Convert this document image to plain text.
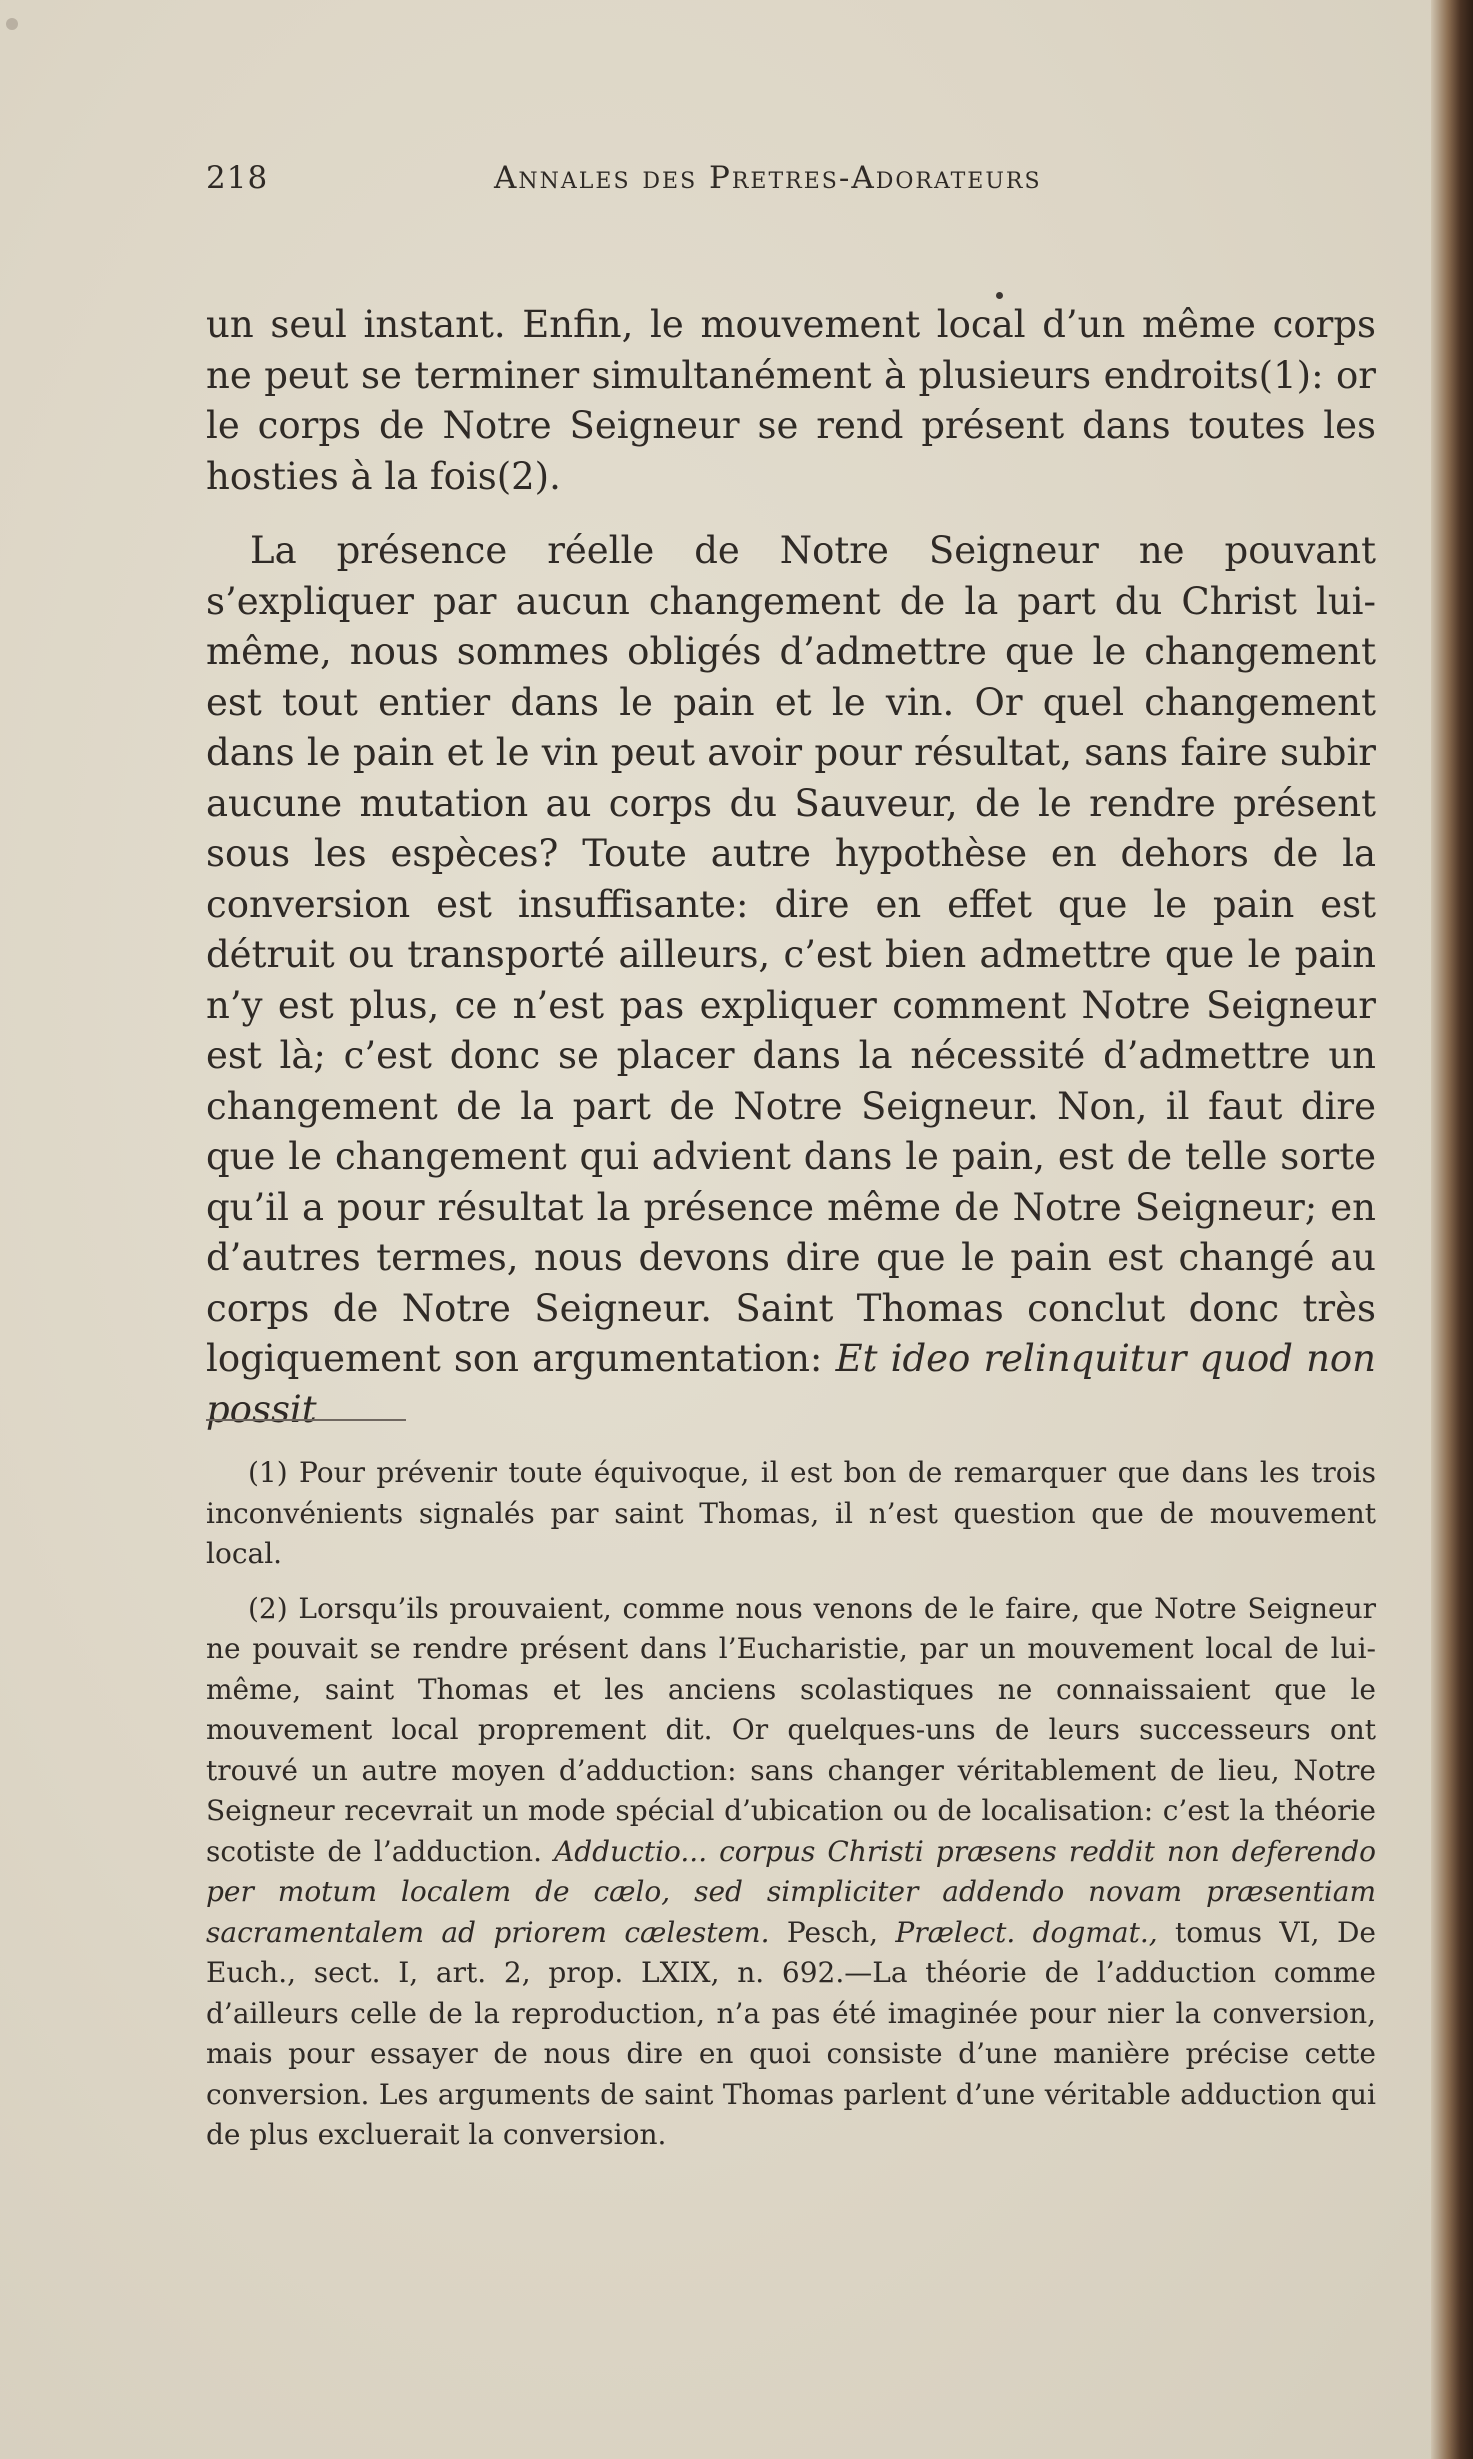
218	Annales des Pretres-Adorateurs

un seul instant. Enfin, le mouvement local d’un même corps ne peut se terminer simultanément à plusieurs endroits(1): or le corps de Notre Seigneur se rend présent dans toutes les hosties à la fois(2).

La présence réelle de Notre Seigneur ne pouvant s’expliquer par aucun changement de la part du Christ lui-même, nous sommes obligés d’admettre que le changement est tout entier dans le pain et le vin. Or quel changement dans le pain et le vin peut avoir pour résultat, sans faire subir aucune mutation au corps du Sauveur, de le rendre présent sous les espèces? Toute autre hypothèse en dehors de la conversion est insuffisante: dire en effet que le pain est détruit ou transporté ailleurs, c’est bien admettre que le pain n’y est plus, ce n’est pas expliquer comment Notre Seigneur est là; c’est donc se placer dans la nécessité d’admettre un changement de la part de Notre Seigneur. Non, il faut dire que le changement qui advient dans le pain, est de telle sorte qu’il a pour résultat la présence même de Notre Seigneur; en d’autres termes, nous devons dire que le pain est changé au corps de Notre Seigneur. Saint Thomas conclut donc très logiquement son argumentation: Et ideo relinquitur quod non possit

(1) Pour prévenir toute équivoque, il est bon de remarquer que dans les trois inconvénients signalés par saint Thomas, il n’est question que de mouvement local.

(2) Lorsqu’ils prouvaient, comme nous venons de le faire, que Notre Seigneur ne pouvait se rendre présent dans l’Eucharistie, par un mouvement local de lui-même, saint Thomas et les anciens scolastiques ne connaissaient que le mouvement local proprement dit. Or quelques-uns de leurs successeurs ont trouvé un autre moyen d’adduction: sans changer véritablement de lieu, Notre Seigneur recevrait un mode spécial d’ubication ou de localisation: c’est la théorie scotiste de l’adduction. Adductio... corpus Christi præsens reddit non deferendo per motum localem de cælo, sed simpliciter addendo novam præsentiam sacramentalem ad priorem cælestem. Pesch, Prælect. dogmat., tomus VI, De Euch., sect. I, art. 2, prop. LXIX, n. 692.—La théorie de l’adduction comme d’ailleurs celle de la reproduction, n’a pas été imaginée pour nier la conversion, mais pour essayer de nous dire en quoi consiste d’une manière précise cette conversion. Les arguments de saint Thomas parlent d’une véritable adduction qui de plus excluerait la conversion.
